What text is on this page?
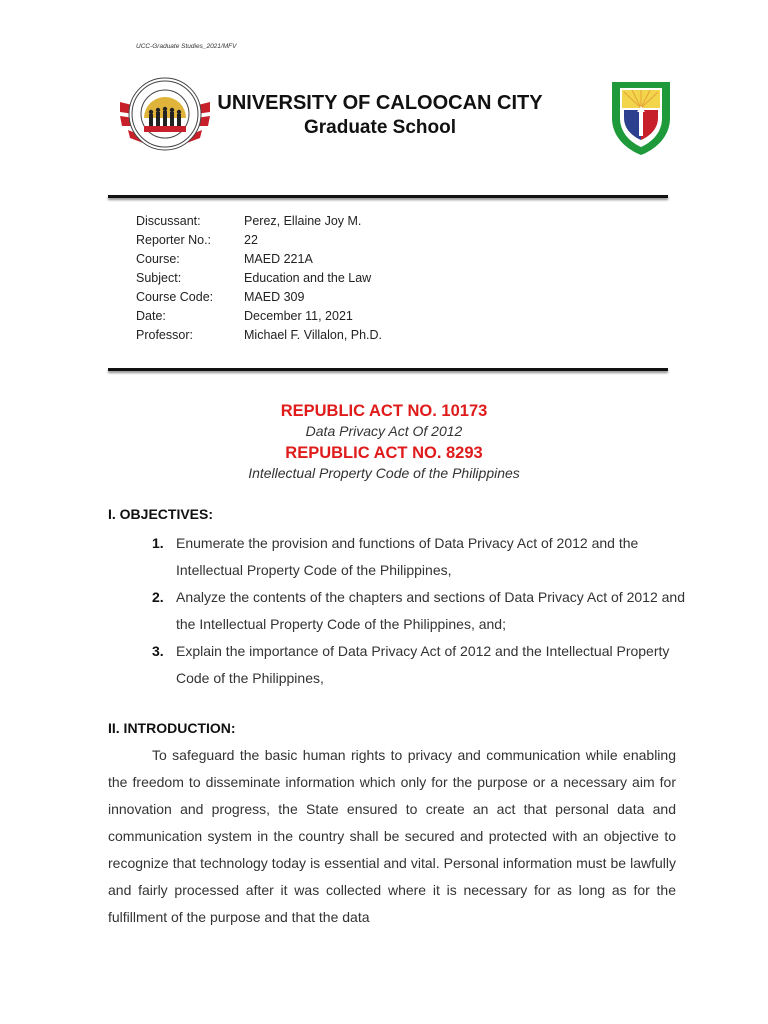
UCC-Graduate Studies_2021/MFV
UNIVERSITY OF CALOOCAN CITY
Graduate School
Discussant:	Perez, Ellaine Joy M.
Reporter No.:	22
Course:	MAED 221A
Subject:	Education and the Law
Course Code:	MAED 309
Date:	December 11, 2021
Professor:	Michael F. Villalon, Ph.D.
REPUBLIC ACT NO. 10173
Data Privacy Act Of 2012
REPUBLIC ACT NO. 8293
Intellectual Property Code of the Philippines
I. OBJECTIVES:
1. Enumerate the provision and functions of Data Privacy Act of 2012 and the Intellectual Property Code of the Philippines,
2. Analyze the contents of the chapters and sections of Data Privacy Act of 2012 and the Intellectual Property Code of the Philippines, and;
3. Explain the importance of Data Privacy Act of 2012 and the Intellectual Property Code of the Philippines,
II. INTRODUCTION:
To safeguard the basic human rights to privacy and communication while enabling the freedom to disseminate information which only for the purpose or a necessary aim for innovation and progress, the State ensured to create an act that personal data and communication system in the country shall be secured and protected with an objective to recognize that technology today is essential and vital. Personal information must be lawfully and fairly processed after it was collected where it is necessary for as long as for the fulfillment of the purpose and that the data
